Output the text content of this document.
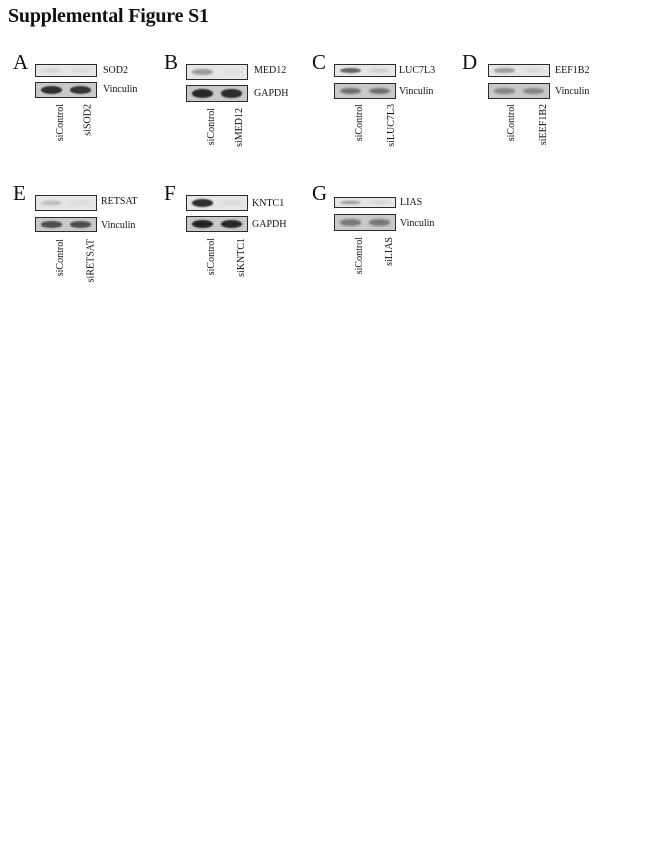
Supplemental Figure S1
A	SOD2
Vinculin
siControl siSOD2
B	MED12
GAPDH
siControl siMED12
C	LUC7L3
Vinculin
siControl siLUC7L3
D	EEF1B2
Vinculin
siControl siEEF1B2
E	RETSAT
Vinculin
siControl siRETSAT
F	KNTC1
GAPDH
siControl siKNTC1
G	LIAS
Vinculin
siControl siLIAS
